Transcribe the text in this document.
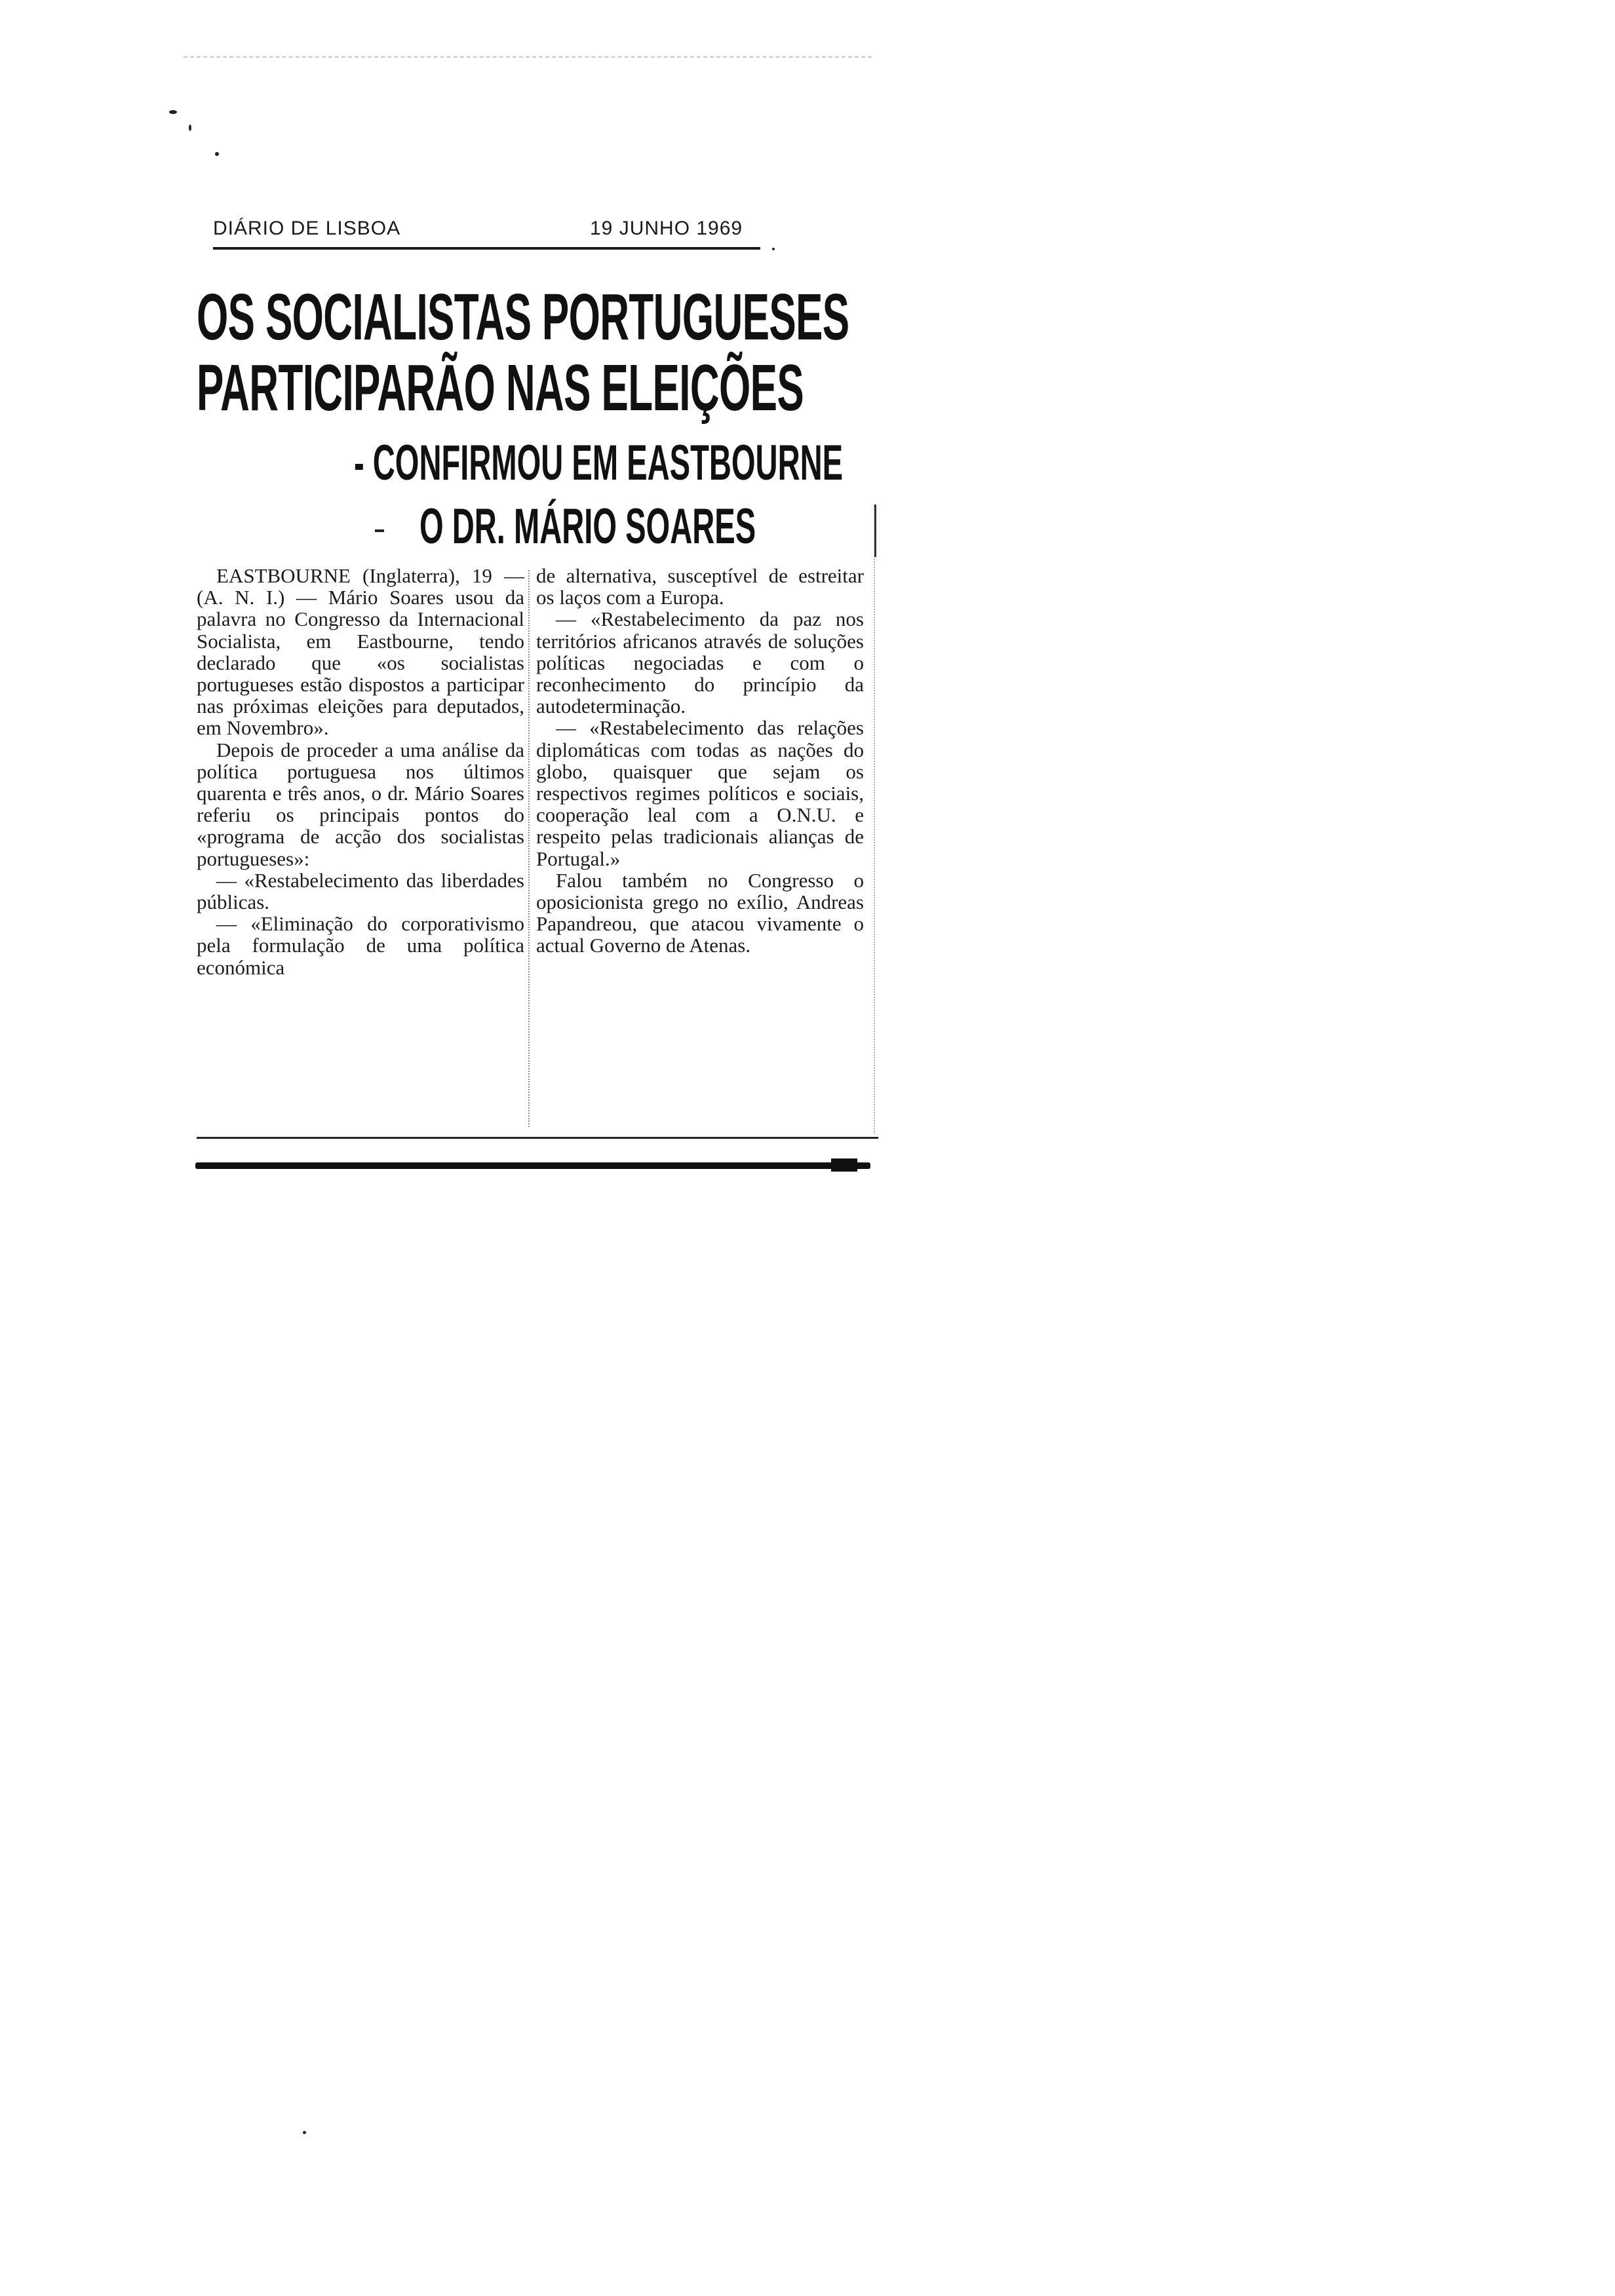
DIÁRIO DE LISBOA	19 JUNHO 1969
OS SOCIALISTAS PORTUGUESES
PARTICIPARÃO NAS ELEIÇÕES
- CONFIRMOU EM EASTBOURNE
O DR. MÁRIO SOARES

EASTBOURNE (Inglaterra), 19 — (A. N. I.) — Mário Soares usou da palavra no Congresso da Internacional Socialista, em Eastbourne, tendo declarado que «os socialistas portugueses estão dispostos a participar nas próximas eleições para deputados, em Novembro».

Depois de proceder a uma análise da política portuguesa nos últimos quarenta e três anos, o dr. Mário Soares referiu os principais pontos do «programa de acção dos socialistas portugueses»:

— «Restabelecimento das liberdades públicas.

— «Eliminação do corporativismo pela formulação de uma política económica

de alternativa, susceptível de estreitar os laços com a Europa.

— «Restabelecimento da paz nos territórios africanos através de soluções políticas negociadas e com o reconhecimento do princípio da autodeterminação.

— «Restabelecimento das relações diplomáticas com todas as nações do globo, quaisquer que sejam os respectivos regimes políticos e sociais, cooperação leal com a O.N.U. e respeito pelas tradicionais alianças de Portugal.»

Falou também no Congresso o oposicionista grego no exílio, Andreas Papandreou, que atacou vivamente o actual Governo de Atenas.
